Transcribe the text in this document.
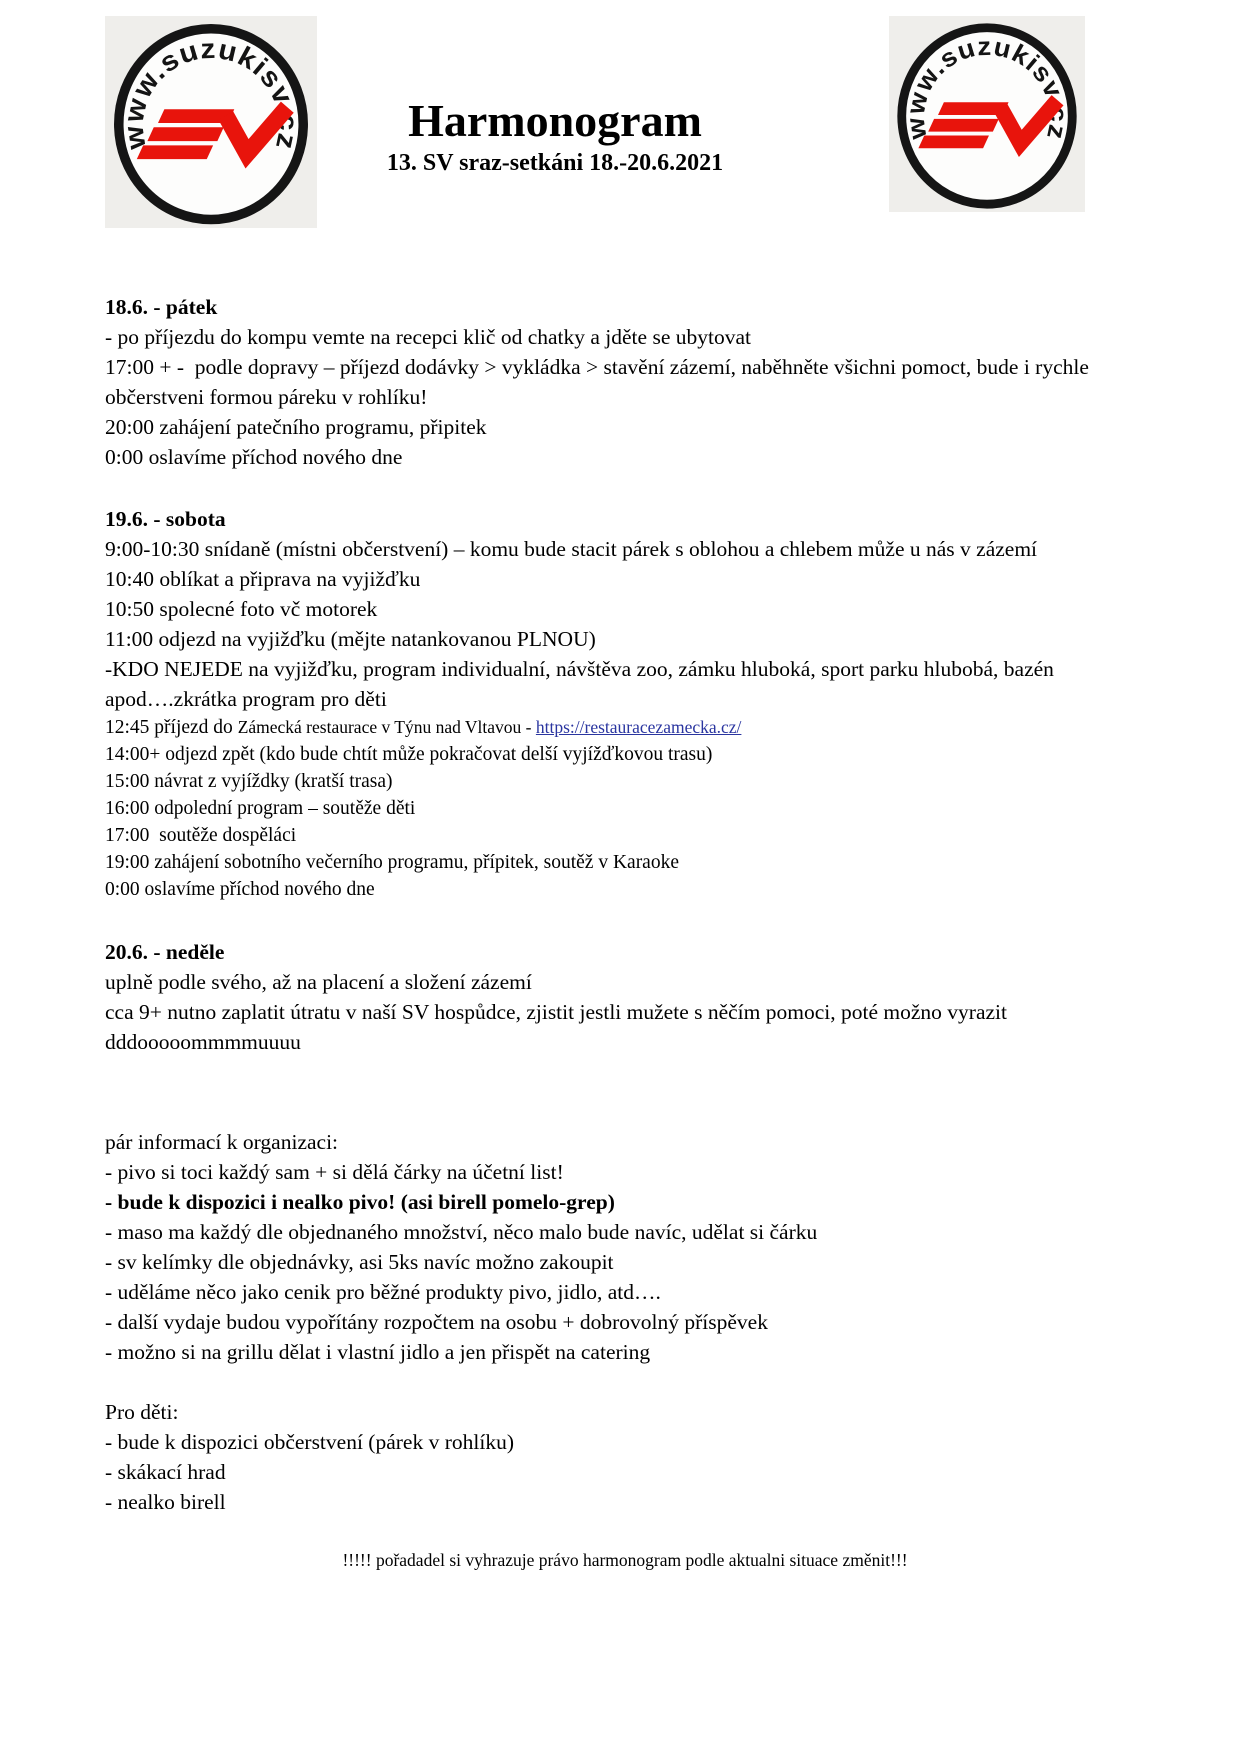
www.suzukisv.cz	Harmonogram
13. SV sraz-setkáni 18.-20.6.2021
www.suzukisv.cz

18.6. - pátek

- po příjezdu do kompu vemte na recepci klič od chatky a jděte se ubytovat

17:00 + -  podle dopravy – příjezd dodávky > vykládka > stavění zázemí, naběhněte všichni pomoct, bude i rychle občerstveni formou páreku v rohlíku!

20:00 zahájení patečního programu, připitek

0:00 oslavíme příchod nového dne

19.6. - sobota

9:00-10:30 snídaně (místni občerstvení) – komu bude stacit párek s oblohou a chlebem může u nás v zázemí

10:40 oblíkat a připrava na vyjižďku

10:50 spolecné foto vč motorek

11:00 odjezd na vyjižďku (mějte natankovanou PLNOU)

-KDO NEJEDE na vyjižďku, program individualní, návštěva zoo, zámku hluboká, sport parku hlubobá, bazén apod….zkrátka program pro děti

12:45 příjezd do Zámecká restaurace v Týnu nad Vltavou - https://restauracezamecka.cz/

14:00+ odjezd zpět (kdo bude chtít může pokračovat delší vyjížďkovou trasu)

15:00 návrat z vyjíždky (kratší trasa)

16:00 odpolední program – soutěže děti

17:00  soutěže dospěláci

19:00 zahájení sobotního večerního programu, přípitek, soutěž v Karaoke

0:00 oslavíme příchod nového dne

20.6. - neděle

uplně podle svého, až na placení a složení zázemí

cca 9+ nutno zaplatit útratu v naší SV hospůdce, zjistit jestli mužete s něčím pomoci, poté možno vyrazit dddooooommmmuuuu

pár informací k organizaci:

- pivo si toci každý sam + si dělá čárky na účetní list!

- bude k dispozici i nealko pivo! (asi birell pomelo-grep)

- maso ma každý dle objednaného množství, něco malo bude navíc, udělat si čárku

- sv kelímky dle objednávky, asi 5ks navíc možno zakoupit

- uděláme něco jako cenik pro běžné produkty pivo, jidlo, atd….

- další vydaje budou vypořítány rozpočtem na osobu + dobrovolný příspěvek

- možno si na grillu dělat i vlastní jidlo a jen přispět na catering

Pro děti:

- bude k dispozici občerstvení (párek v rohlíku)

- skákací hrad

- nealko birell

!!!!! pořadadel si vyhrazuje právo harmonogram podle aktualni situace změnit!!!
